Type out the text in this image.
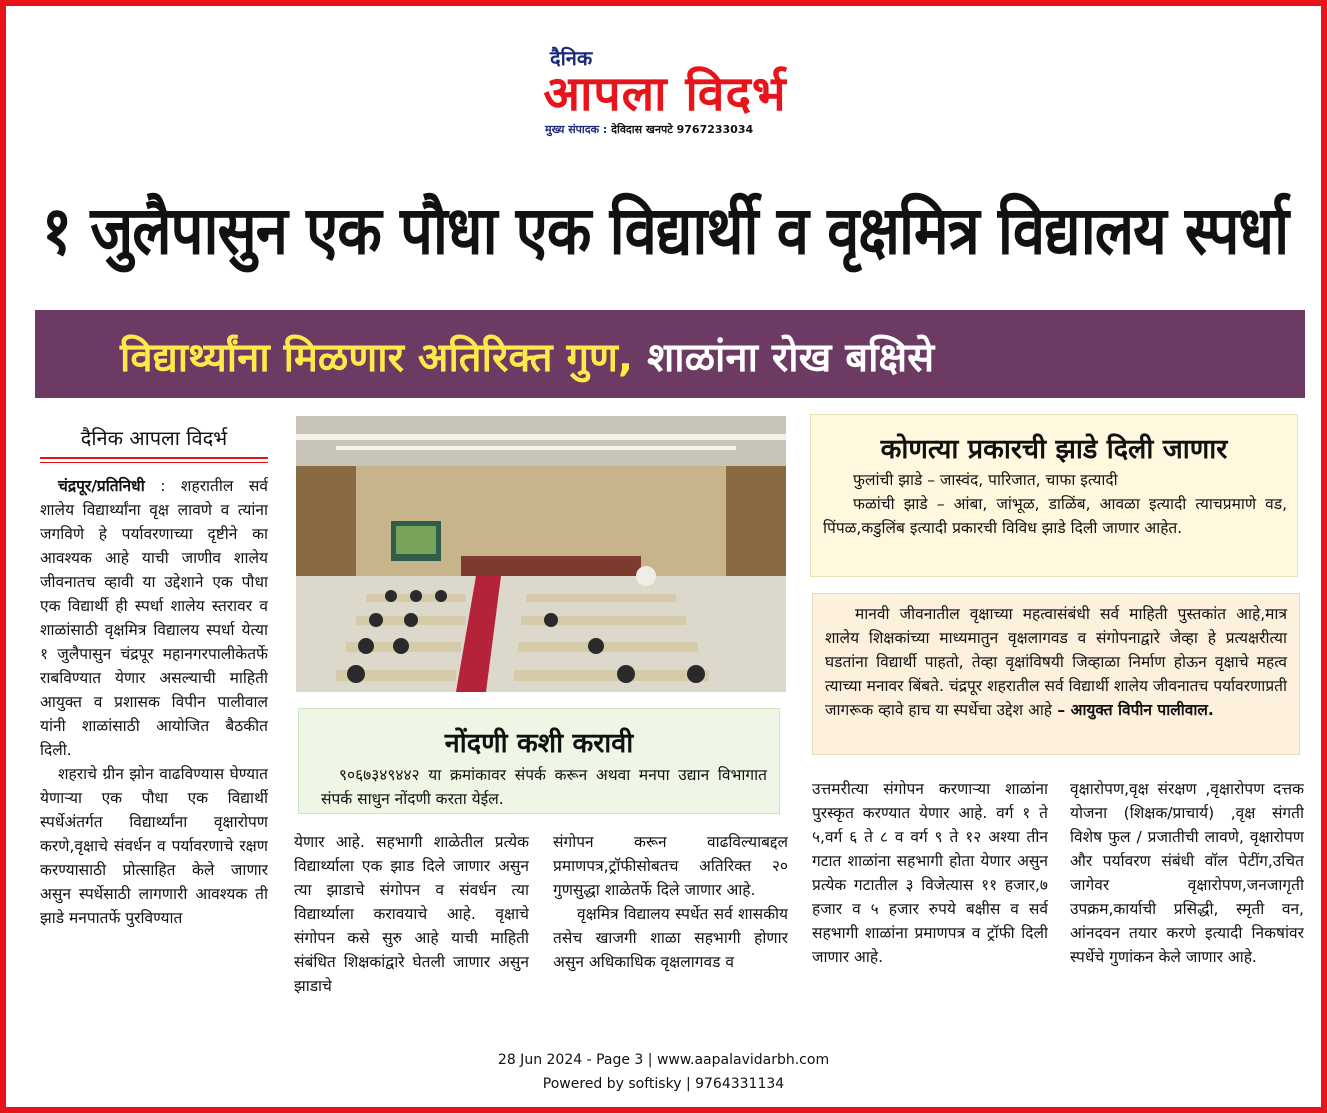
दैनिक
आपला विदर्भ
मुख्य संपादक : देविदास खनपटे 9767233034
१ जुलैपासुन एक पौधा एक विद्यार्थी व वृक्षमित्र विद्यालय स्पर्धा
विद्यार्थ्यांना मिळणार अतिरिक्त गुण, शाळांना रोख बक्षिसे
दैनिक आपला विदर्भ

चंद्रपूर/प्रतिनिधी : शहरातील सर्व शालेय विद्यार्थ्यांना वृक्ष लावणे व त्यांना जगविणे हे पर्यावरणाच्या दृष्टीने का आवश्यक आहे याची जाणीव शालेय जीवनातच व्हावी या उद्देशाने एक पौधा एक विद्यार्थी ही स्पर्धा शालेय स्तरावर व शाळांसाठी वृक्षमित्र विद्यालय स्पर्धा येत्या १ जुलैपासुन चंद्रपूर महानगरपालीकेतर्फे राबविण्यात येणार असल्याची माहिती आयुक्त व प्रशासक विपीन पालीवाल यांनी शाळांसाठी आयोजित बैठकीत दिली.

शहराचे ग्रीन झोन वाढविण्यास घेण्यात येणाऱ्या एक पौधा एक विद्यार्थी स्पर्धेअंतर्गत विद्यार्थ्यांना वृक्षारोपण करणे,वृक्षाचे संवर्धन व पर्यावरणाचे रक्षण करण्यासाठी प्रोत्साहित केले जाणार असुन स्पर्धेसाठी लागणारी आवश्यक ती झाडे मनपातर्फे पुरविण्यात

नोंदणी कशी करावी
९०६७३४९४४२ या क्रमांकावर संपर्क करून अथवा मनपा उद्यान विभागात संपर्क साधुन नोंदणी करता येईल.
कोणत्या प्रकारची झाडे दिली जाणार

फुलांची झाडे – जास्वंद, पारिजात, चाफा इत्यादी

फळांची झाडे – आंबा, जांभूळ, डाळिंब, आवळा इत्यादी त्याचप्रमाणे वड, पिंपळ,कडुलिंब इत्यादी प्रकारची विविध झाडे दिली जाणार आहेत.

मानवी जीवनातील वृक्षाच्या महत्वासंबंधी सर्व माहिती पुस्तकांत आहे,मात्र शालेय शिक्षकांच्या माध्यमातुन वृक्षलागवड व संगोपनाद्वारे जेव्हा हे प्रत्यक्षरीत्या घडतांना विद्यार्थी पाहतो, तेव्हा वृक्षांविषयी जिव्हाळा निर्माण होऊन वृक्षाचे महत्व त्याच्या मनावर बिंबते. चंद्रपूर शहरातील सर्व विद्यार्थी शालेय जीवनातच पर्यावरणाप्रती जागरूक व्हावे हाच या स्पर्धेचा उद्देश आहे – आयुक्त विपीन पालीवाल.

येणार आहे. सहभागी शाळेतील प्रत्येक विद्यार्थ्याला एक झाड दिले जाणार असुन त्या झाडाचे संगोपन व संवर्धन त्या विद्यार्थ्याला करावयाचे आहे. वृक्षाचे संगोपन कसे सुरु आहे याची माहिती संबंधित शिक्षकांद्वारे घेतली जाणार असुन झाडाचे

संगोपन करून वाढविल्याबद्दल प्रमाणपत्र,ट्रॉफीसोबतच अतिरिक्त २० गुणसुद्धा शाळेतर्फे दिले जाणार आहे.

वृक्षमित्र विद्यालय स्पर्धेत सर्व शासकीय तसेच खाजगी शाळा सहभागी होणार असुन अधिकाधिक वृक्षलागवड व

उत्तमरीत्या संगोपन करणाऱ्या शाळांना पुरस्कृत करण्यात येणार आहे. वर्ग १ ते ५,वर्ग ६ ते ८ व वर्ग ९ ते १२ अश्या तीन गटात शाळांना सहभागी होता येणार असुन प्रत्येक गटातील ३ विजेत्यास ११ हजार,७ हजार व ५ हजार रुपये बक्षीस व सर्व सहभागी शाळांना प्रमाणपत्र व ट्रॉफी दिली जाणार आहे.
वृक्षारोपण,वृक्ष संरक्षण ,वृक्षारोपण दत्तक योजना (शिक्षक/प्राचार्य) ,वृक्ष संगती विशेष फुल / प्रजातीची लावणे, वृक्षारोपण और पर्यावरण संबंधी वॉल पेटींग,उचित जागेवर वृक्षारोपण,जनजागृती उपक्रम,कार्याची प्रसिद्धी, स्मृती वन, आंनदवन तयार करणे इत्यादी निकषांवर स्पर्धेचे गुणांकन केले जाणार आहे.
28 Jun 2024 - Page 3 | www.aapalavidarbh.com
Powered by softisky | 9764331134
